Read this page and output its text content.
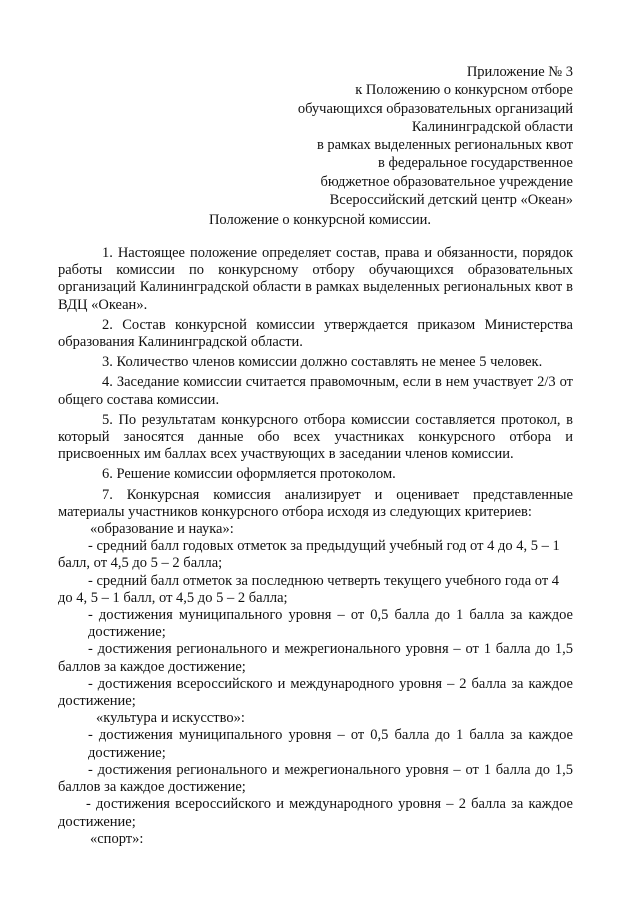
Приложение № 3
к Положению о конкурсном отборе
обучающихся образовательных организаций
Калининградской области
в рамках выделенных региональных квот
в федеральное государственное
бюджетное образовательное учреждение
Всероссийский детский центр «Океан»
Положение о конкурсной комиссии.

1. Настоящее положение определяет состав, права и обязанности, порядок работы комиссии по конкурсному отбору обучающихся образовательных организаций Калининградской области в рамках выделенных региональных квот в ВДЦ «Океан».

2. Состав конкурсной комиссии утверждается приказом Министерства образования Калининградской области.

3. Количество членов комиссии должно составлять не менее 5 человек.

4. Заседание комиссии считается правомочным, если в нем участвует 2/3 от общего состава комиссии.

5. По результатам конкурсного отбора комиссии составляется протокол, в который заносятся данные обо всех участниках конкурсного отбора и присвоенных им баллах всех участвующих в заседании членов комиссии.

6. Решение комиссии оформляется протоколом.

7. Конкурсная комиссия анализирует и оценивает представленные материалы участников конкурсного отбора исходя из следующих критериев:

«образование и наука»:

- средний балл годовых отметок за предыдущий учебный год от 4 до 4, 5 – 1

балл, от 4,5 до 5 – 2 балла;

- средний балл отметок за последнюю четверть текущего учебного года от 4

до 4, 5 – 1 балл, от 4,5 до 5 – 2 балла;

- достижения муниципального уровня – от 0,5 балла до 1 балла за каждое достижение;

- достижения регионального и межрегионального уровня – от 1 балла до 1,5 баллов за каждое достижение;

- достижения всероссийского и международного уровня – 2 балла за каждое достижение;

«культура и искусство»:

- достижения муниципального уровня – от 0,5 балла до 1 балла за каждое достижение;

- достижения регионального и межрегионального уровня – от 1 балла до 1,5 баллов за каждое достижение;

- достижения всероссийского и международного уровня – 2 балла за каждое достижение;

«спорт»:
